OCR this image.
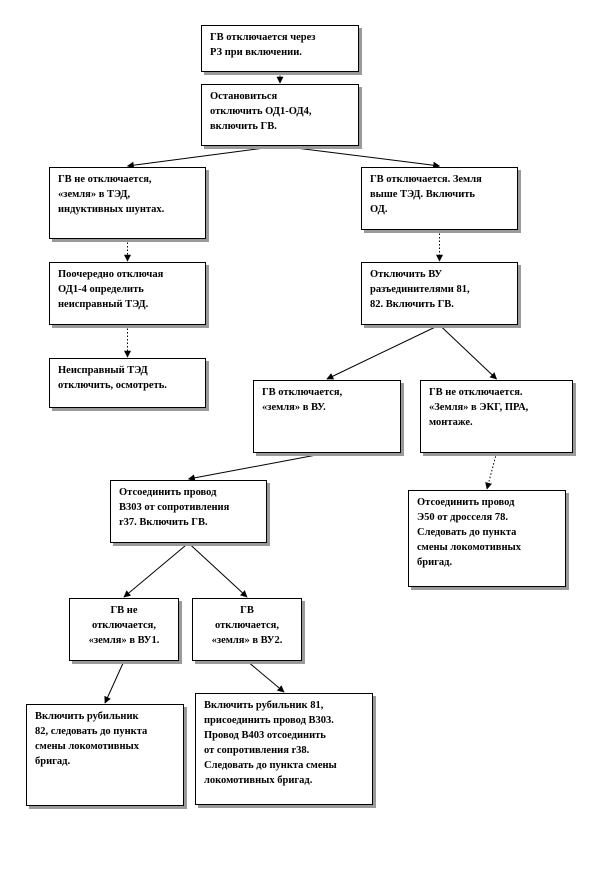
ГВ отключается через
РЗ при включении.
Остановиться
отключить ОД1-ОД4,
включить ГВ.
ГВ не отключается,
«земля» в ТЭД,
индуктивных шунтах.
ГВ отключается. Земля
выше ТЭД. Включить
ОД.
Поочередно отключая
ОД1-4 определить
неисправный ТЭД.
Отключить ВУ
разъединителями 81,
82. Включить ГВ.
Неисправный ТЭД
отключить, осмотреть.
ГВ отключается,
«земля» в ВУ.
ГВ не отключается.
«Земля» в ЭКГ, ПРА,
монтаже.
Отсоединить провод
В303 от сопротивления
r37. Включить ГВ.
Отсоединить провод
Э50 от дросселя 78.
Следовать до пункта
смены локомотивных
бригад.
ГВ не
отключается,
«земля» в ВУ1.
ГВ
отключается,
«земля» в ВУ2.
Включить рубильник
82, следовать до пункта
смены локомотивных
бригад.
Включить рубильник 81,
присоединить провод В303.
Провод В403 отсоединить
от сопротивления r38.
Следовать до пункта смены
локомотивных бригад.
